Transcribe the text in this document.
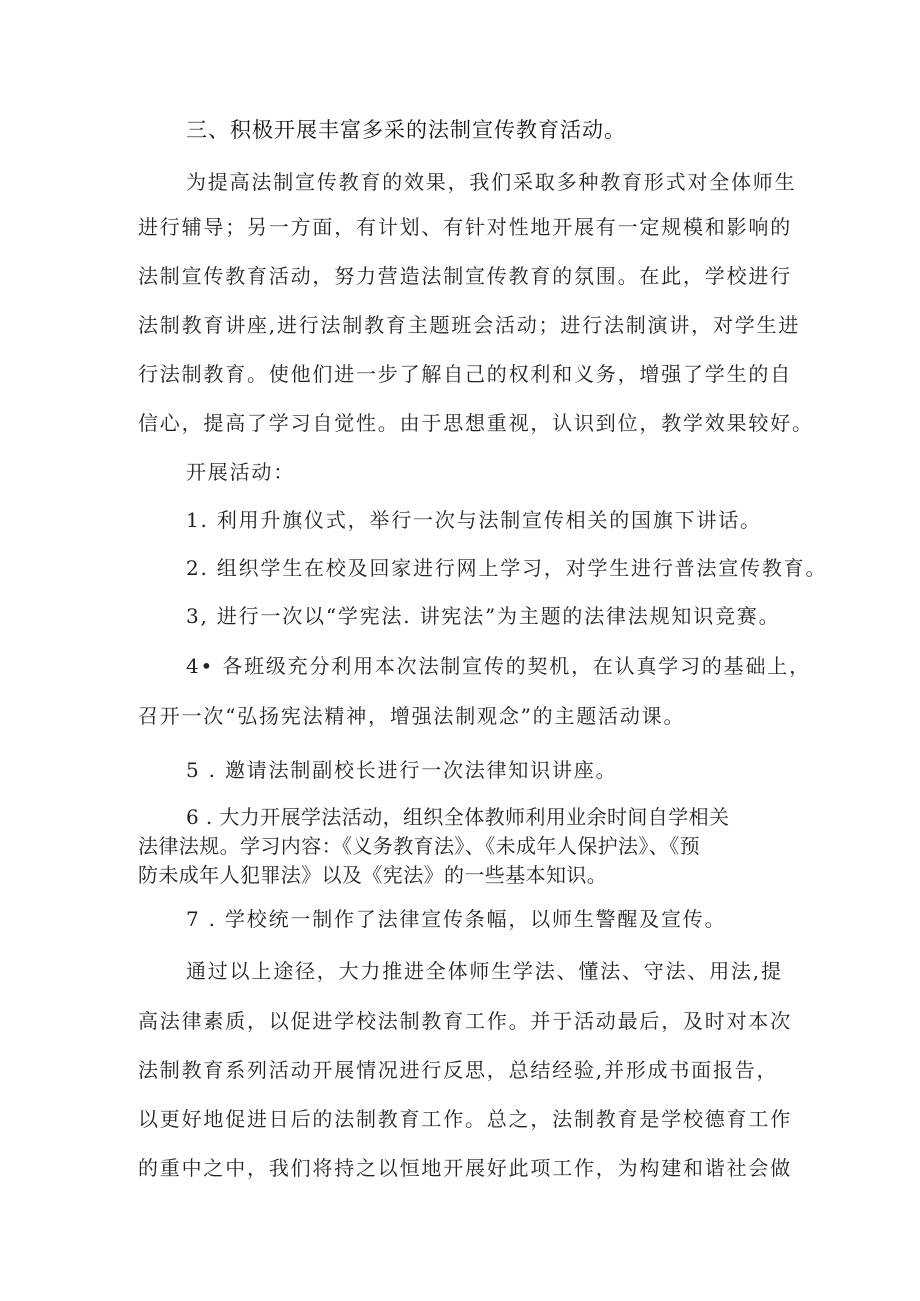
三、积极开展丰富多采的法制宣传教育活动。
为提高法制宣传教育的效果，我们采取多种教育形式对全体师生
进行辅导；另一方面，有计划、有针对性地开展有一定规模和影响的
法制宣传教育活动，努力营造法制宣传教育的氛围。在此，学校进行
法制教育讲座,进行法制教育主题班会活动；进行法制演讲，对学生进
行法制教育。使他们进一步了解自己的权利和义务，增强了学生的自
信心，提高了学习自觉性。由于思想重视，认识到位，教学效果较好。
开展活动：
1. 利用升旗仪式，举行一次与法制宣传相关的国旗下讲话。
2. 组织学生在校及回家进行网上学习，对学生进行普法宣传教育。
3, 进行一次以“学宪法. 讲宪法”为主题的法律法规知识竞赛。
4• 各班级充分利用本次法制宣传的契机，在认真学习的基础上，
召开一次“弘扬宪法精神，增强法制观念”的主题活动课。
5 . 邀请法制副校长进行一次法律知识讲座。
6 . 大力开展学法活动，组织全体教师利用业余时间自学相关
法律法规。学习内容：《义务教育法》、《未成年人保护法》、《预
防未成年人犯罪法》以及《宪法》的一些基本知识。
7 . 学校统一制作了法律宣传条幅，以师生警醒及宣传。
通过以上途径，大力推进全体师生学法、懂法、守法、用法,提
高法律素质，以促进学校法制教育工作。并于活动最后，及时对本次
法制教育系列活动开展情况进行反思，总结经验,并形成书面报告，
以更好地促进日后的法制教育工作。总之，法制教育是学校德育工作
的重中之中，我们将持之以恒地开展好此项工作，为构建和谐社会做
